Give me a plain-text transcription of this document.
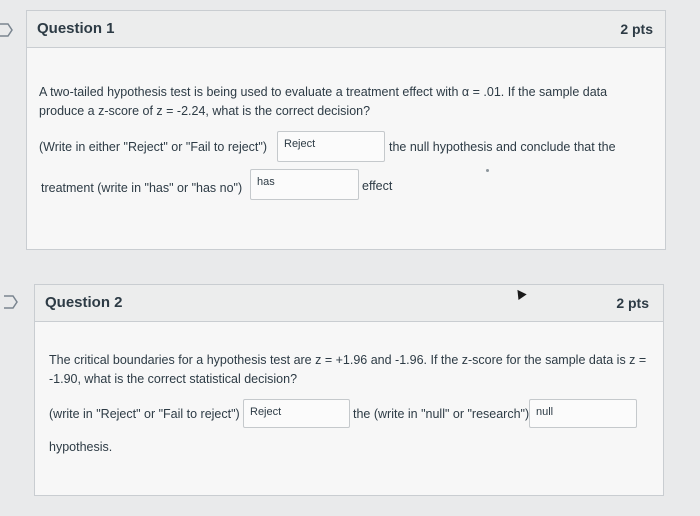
Question 1	2 pts
A two-tailed hypothesis test is being used to evaluate a treatment effect with α = .01. If the sample data produce a z-score of z = -2.24, what is the correct decision?
(Write in either "Reject" or "Fail to reject")	Reject	the null hypothesis and conclude that the
treatment (write in "has" or "has no")	has	effect
Question 2	2 pts
The critical boundaries for a hypothesis test are z = +1.96 and -1.96. If the z-score for the sample data is z = -1.90, what is the correct statistical decision?
(write in "Reject" or "Fail to reject") Reject	the (write in "null" or "research") null
hypothesis.
